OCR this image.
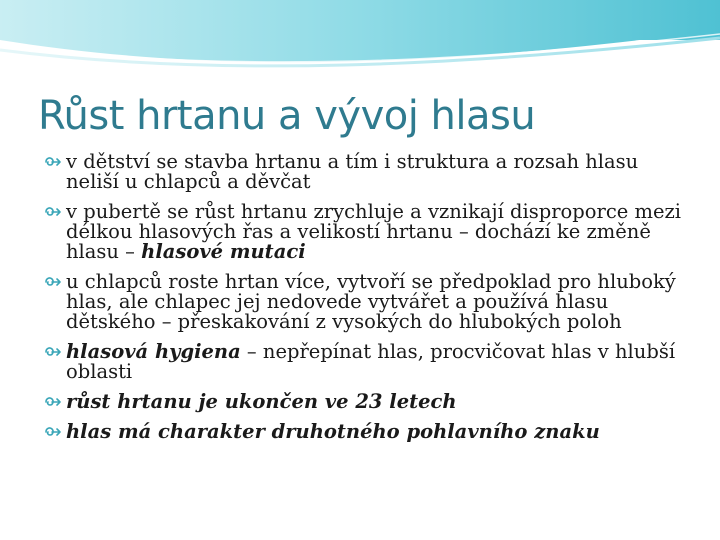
Růst hrtanu a vývoj hlasu
v dětství se stavba hrtanu a tím i struktura a rozsah hlasu neliší u chlapců a děvčat
v pubertě se růst hrtanu zrychluje a vznikají disproporce mezi délkou hlasových řas a velikostí hrtanu – dochází ke změně hlasu – hlasové mutaci
u chlapců roste hrtan více, vytvoří se předpoklad pro hluboký hlas, ale chlapec jej nedovede vytvářet a používá hlasu dětského – přeskakování z vysokých do hlubokých poloh
hlasová hygiena – nepřepínat hlas, procvičovat hlas v hlubší oblasti
růst hrtanu je ukončen ve 23 letech
hlas má charakter druhotného pohlavního znaku
